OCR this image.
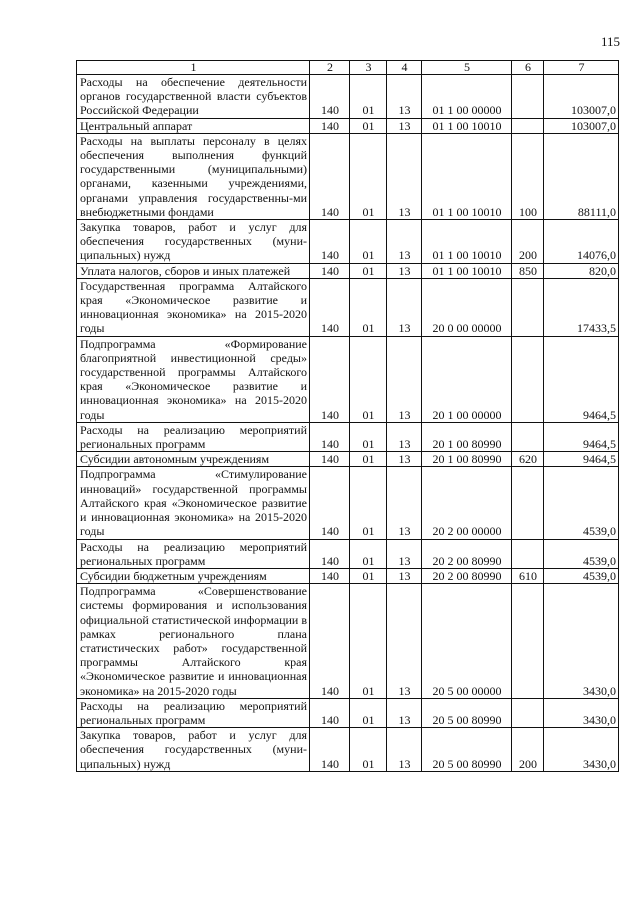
115
1	2	3	4	5	6	7
Расходы на обеспечение деятельности органов государственной власти субъектов Российской Федерации	140	01	13	01 1 00 00000		103007,0
Центральный аппарат	140	01	13	01 1 00 10010		103007,0
Расходы на выплаты персоналу в целях обеспечения выполнения функций государственными (муниципальными) органами, казенными учреждениями, органами управления государственны-ми внебюджетными фондами	140	01	13	01 1 00 10010	100	88111,0
Закупка товаров, работ и услуг для обеспечения государственных (муни-ципальных) нужд	140	01	13	01 1 00 10010	200	14076,0
Уплата налогов, сборов и иных платежей	140	01	13	01 1 00 10010	850	820,0
Государственная программа Алтайского края «Экономическое развитие и инновационная экономика» на 2015-2020 годы	140	01	13	20 0 00 00000		17433,5
Подпрограмма «Формирование благоприятной инвестиционной среды» государственной программы Алтайского края «Экономическое развитие и инновационная экономика» на 2015-2020 годы	140	01	13	20 1 00 00000		9464,5
Расходы на реализацию мероприятий региональных программ	140	01	13	20 1 00 80990		9464,5
Субсидии автономным учреждениям	140	01	13	20 1 00 80990	620	9464,5
Подпрограмма «Стимулирование инноваций» государственной программы Алтайского края «Экономическое развитие и инновационная экономика» на 2015-2020 годы	140	01	13	20 2 00 00000		4539,0
Расходы на реализацию мероприятий региональных программ	140	01	13	20 2 00 80990		4539,0
Субсидии бюджетным учреждениям	140	01	13	20 2 00 80990	610	4539,0
Подпрограмма «Совершенствование системы формирования и использования официальной статистической информации в рамках регионального плана статистических работ» государственной программы Алтайского края «Экономическое развитие и инновационная экономика» на 2015-2020 годы	140	01	13	20 5 00 00000		3430,0
Расходы на реализацию мероприятий региональных программ	140	01	13	20 5 00 80990		3430,0
Закупка товаров, работ и услуг для обеспечения государственных (муни-ципальных) нужд	140	01	13	20 5 00 80990	200	3430,0
